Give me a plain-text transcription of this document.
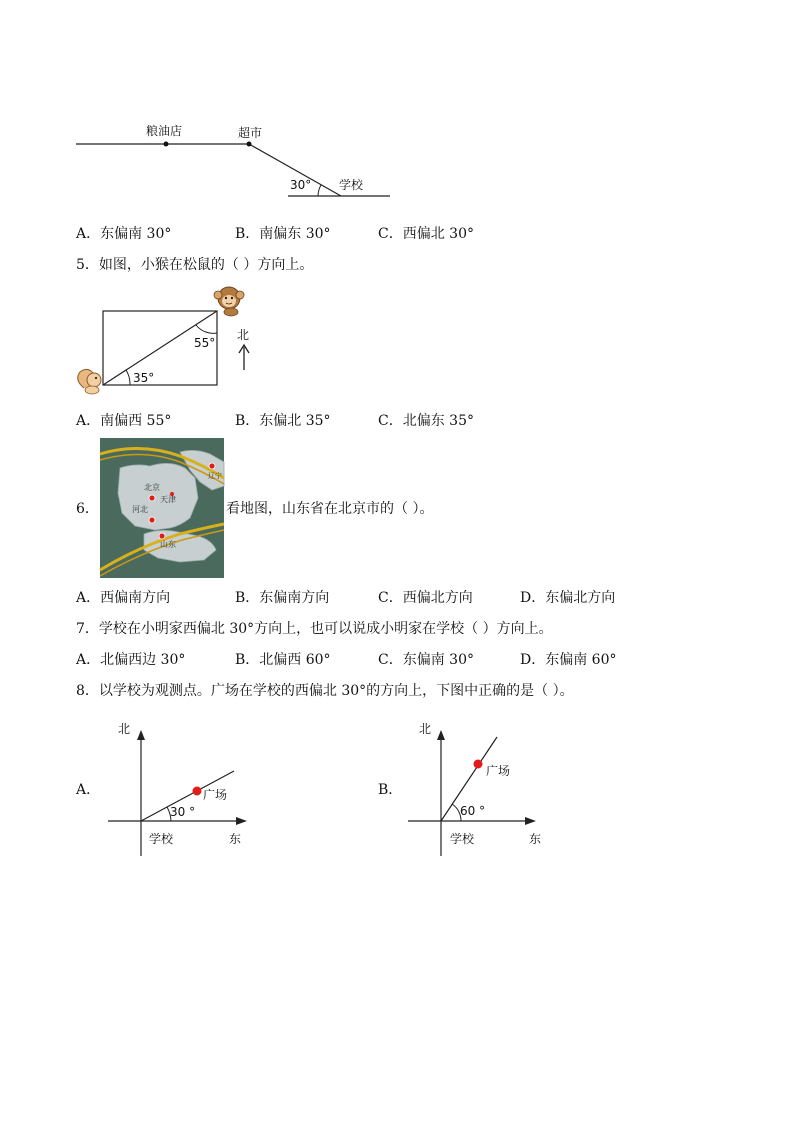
粮油店	超市
30° 学校
A．东偏南 30°	B．南偏东 30°	C．西偏北 30°
5．如图，小猴在松鼠的（ ）方向上。
55°
35°
北
A．南偏西 55°	B．东偏北 35°	C．北偏东 35°
6．
北京
天津
河北
山东
辽宁
看地图，山东省在北京市的（ ）。
A．西偏南方向	B．东偏南方向	C．西偏北方向	D．东偏北方向
7．学校在小明家西偏北 30°方向上，也可以说成小明家在学校（ ）方向上。
A．北偏西边 30°	B．北偏西 60°	C．东偏南 30°	D．东偏南 60°
8．以学校为观测点。广场在学校的西偏北 30°的方向上，下图中正确的是（ ）。
A．
北
东
学校
广场
30 °
B．
北
东
学校
广场
60 °
